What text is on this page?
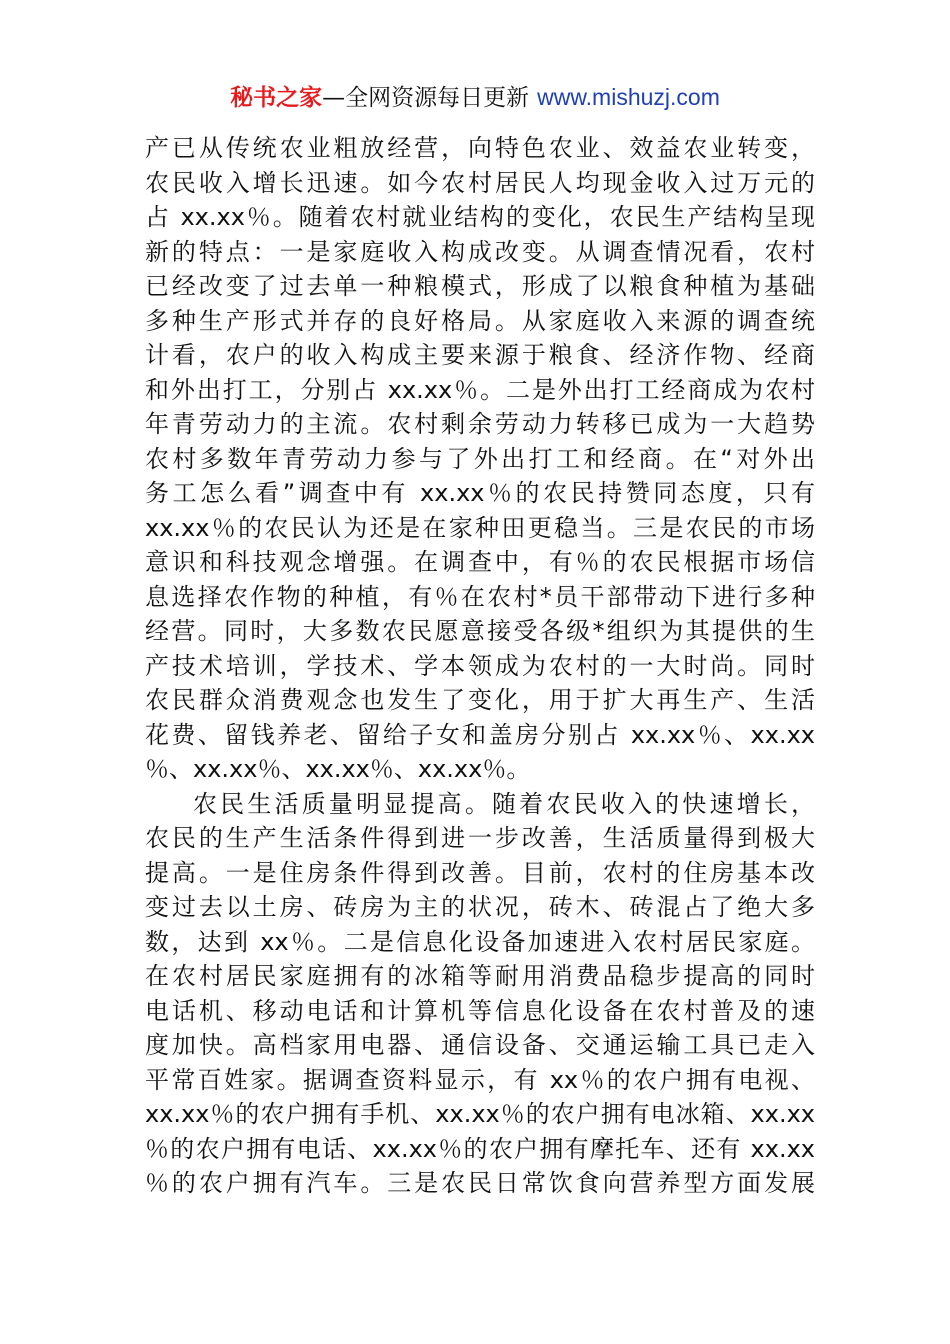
秘书之家—全网资源每日更新 www.mishuzj.com
产已从传统农业粗放经营，向特色农业、效益农业转变，
农民收入增长迅速。如今农村居民人均现金收入过万元的
占 xx.xx％。随着农村就业结构的变化，农民生产结构呈现
新的特点：一是家庭收入构成改变。从调查情况看，农村
已经改变了过去单一种粮模式，形成了以粮食种植为基础
多种生产形式并存的良好格局。从家庭收入来源的调查统
计看，农户的收入构成主要来源于粮食、经济作物、经商
和外出打工，分别占 xx.xx％。二是外出打工经商成为农村
年青劳动力的主流。农村剩余劳动力转移已成为一大趋势
农村多数年青劳动力参与了外出打工和经商。在“对外出
务工怎么看”调查中有 xx.xx％的农民持赞同态度，只有
xx.xx％的农民认为还是在家种田更稳当。三是农民的市场
意识和科技观念增强。在调查中，有％的农民根据市场信
息选择农作物的种植，有％在农村*员干部带动下进行多种
经营。同时，大多数农民愿意接受各级*组织为其提供的生
产技术培训，学技术、学本领成为农村的一大时尚。同时
农民群众消费观念也发生了变化，用于扩大再生产、生活
花费、留钱养老、留给子女和盖房分别占 xx.xx％、xx.xx
％、xx.xx％、xx.xx％、xx.xx％。
农民生活质量明显提高。随着农民收入的快速增长，
农民的生产生活条件得到进一步改善，生活质量得到极大
提高。一是住房条件得到改善。目前，农村的住房基本改
变过去以土房、砖房为主的状况，砖木、砖混占了绝大多
数，达到 xx％。二是信息化设备加速进入农村居民家庭。
在农村居民家庭拥有的冰箱等耐用消费品稳步提高的同时
电话机、移动电话和计算机等信息化设备在农村普及的速
度加快。高档家用电器、通信设备、交通运输工具已走入
平常百姓家。据调查资料显示，有 xx％的农户拥有电视、
xx.xx％的农户拥有手机、xx.xx％的农户拥有电冰箱、xx.xx
％的农户拥有电话、xx.xx％的农户拥有摩托车、还有 xx.xx
％的农户拥有汽车。三是农民日常饮食向营养型方面发展
